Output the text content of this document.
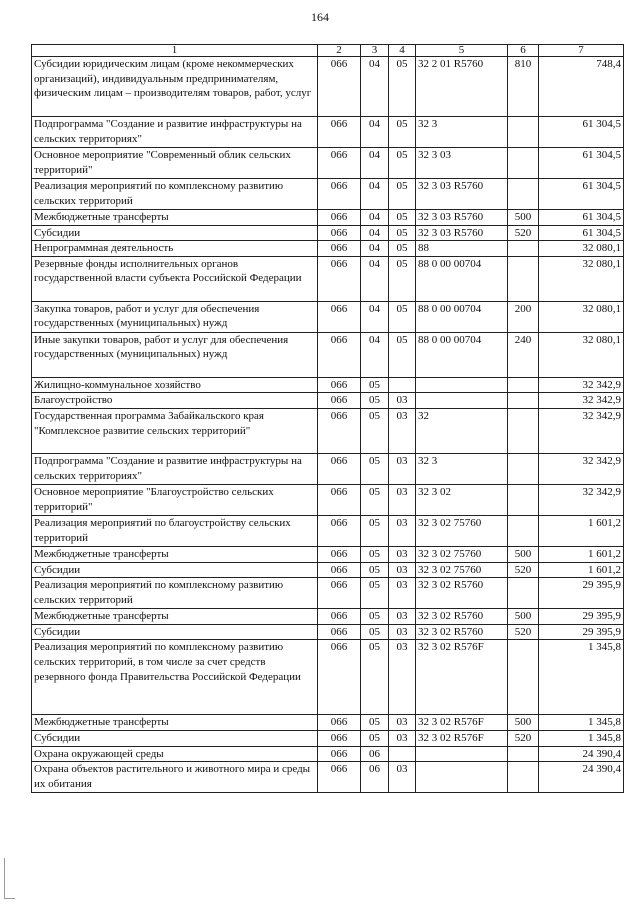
164
1	2	3	4	5	6	7
Субсидии юридическим лицам (кроме некоммерческих организаций), индивидуальным предпринимателям, физическим лицам – производителям товаров, работ, услуг	066	04	05	32 2 01 R5760	810	748,4
Подпрограмма "Создание и развитие инфраструктуры на сельских территориях"	066	04	05	32 3		61 304,5
Основное мероприятие "Современный облик сельских территорий"	066	04	05	32 3 03		61 304,5
Реализация мероприятий по комплексному развитию сельских территорий	066	04	05	32 3 03 R5760		61 304,5
Межбюджетные трансферты	066	04	05	32 3 03 R5760	500	61 304,5
Субсидии	066	04	05	32 3 03 R5760	520	61 304,5
Непрограммная деятельность	066	04	05	88		32 080,1
Резервные фонды исполнительных органов государственной власти субъекта Российской Федерации	066	04	05	88 0 00 00704		32 080,1
Закупка товаров, работ и услуг для обеспечения государственных (муниципальных) нужд	066	04	05	88 0 00 00704	200	32 080,1
Иные закупки товаров, работ и услуг для обеспечения государственных (муниципальных) нужд	066	04	05	88 0 00 00704	240	32 080,1
Жилищно-коммунальное хозяйство	066	05				32 342,9
Благоустройство	066	05	03			32 342,9
Государственная программа Забайкальского края "Комплексное развитие сельских территорий"	066	05	03	32		32 342,9
Подпрограмма "Создание и развитие инфраструктуры на сельских территориях"	066	05	03	32 3		32 342,9
Основное мероприятие "Благоустройство сельских территорий"	066	05	03	32 3 02		32 342,9
Реализация мероприятий по благоустройству сельских территорий	066	05	03	32 3 02 75760		1 601,2
Межбюджетные трансферты	066	05	03	32 3 02 75760	500	1 601,2
Субсидии	066	05	03	32 3 02 75760	520	1 601,2
Реализация мероприятий по комплексному развитию сельских территорий	066	05	03	32 3 02 R5760		29 395,9
Межбюджетные трансферты	066	05	03	32 3 02 R5760	500	29 395,9
Субсидии	066	05	03	32 3 02 R5760	520	29 395,9
Реализация мероприятий по комплексному развитию сельских территорий, в том числе за счет средств резервного фонда Правительства Российской Федерации	066	05	03	32 3 02 R576F		1 345,8
Межбюджетные трансферты	066	05	03	32 3 02 R576F	500	1 345,8
Субсидии	066	05	03	32 3 02 R576F	520	1 345,8
Охрана окружающей среды	066	06				24 390,4
Охрана объектов растительного и животного мира и среды их обитания	066	06	03			24 390,4
